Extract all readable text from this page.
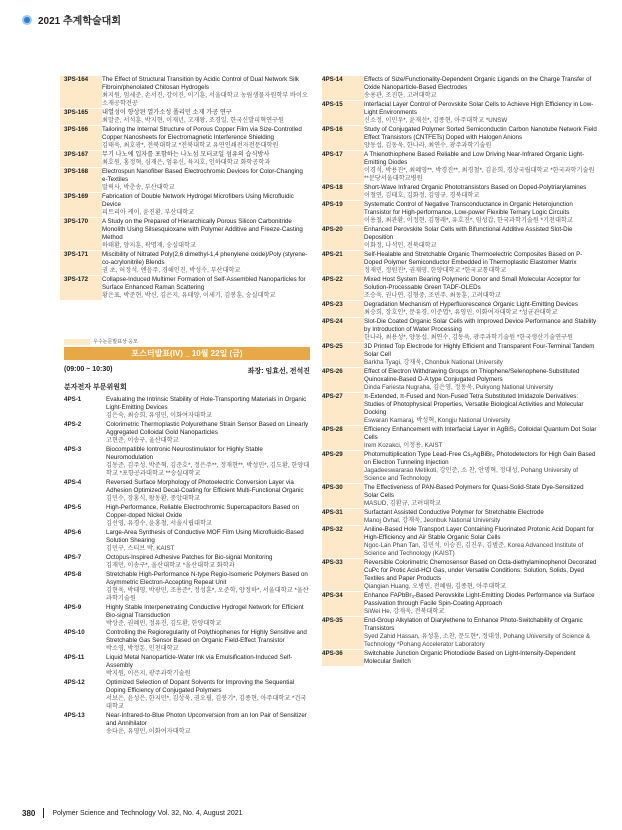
2021 추계학술대회
3PS-164	The Effect of Structural Transition by Acidic Control of Dual Network Silk Fibroin/phenolated Chitosan Hydrogels
최지원, 엄세준, 손서진, 강이진, 이기훈, 서울대학교 농림생물자원학부 바이오소재공학전공
3PS-165	내열성이 향상된 열가소성 폴리민 소재 가공 연구
최말준, 서석훈, 박지현, 이재년, 고재왕, 조경일, 한국신발피혁연구원
3PS-166	Tailoring the Internal Structure of Porous Copper Film via Size-Controlled Copper Nanosheets for Electromagnetic Interference Shielding
김태욱, 최호광*, 전북대학교 *전북대학교 유연인쇄전자전문대학원
3PS-167	무기 나노에 입자를 포함하는 나노섬 모터코일 섬유의 습식방사
최호원, 홍정혁, 심재은, 엄유신, 육지호, 인하대학교 화학공학과
3PS-168	Electrospun Nanofiber Based Electrochromic Devices for Color-Changing e-Textiles
말릭사, 박춘송, 부산대학교
3PS-169	Fabrication of Double Network Hydrogel Microfibers Using Microfluidic Device
피트리아 케이, 윤진환, 부산대학교
3PS-170	A Study on the Prepared of Hierarchically Porous Silicon Carbonitride Monolith Using Silsesquioxane with Polymer Additive and Freeze-Casting Method
하태환, 양지훈, 곽명재, 숭실대학교
3PS-171	Miscibility of Nitrated Poly(2,6 dimethyl-1,4 phenylene oxide)/Poly (styrene-co-acrylonitrile) Blends
권 초, 허정석, 엔음주, 경해인진, 박성수, 부산대학교
3PS-172	Collapse-Induced Multimer Formation of Self-Assembled Nanoparticles for Surface Enhanced Raman Scattering
황은표, 박준현, 박신, 김은지, 유태양, 이세기, 김봉훈, 숭실대학교
우수논문발표상 응모
포스터발표(IV) _ 10월 22일 (금)
(09:00 ~ 10:30)	좌장: 임효선, 전석진
분자전자 부문위원회
4PS-1	Evaluating the Intrinsic Stability of Hole-Transporting Materials in Organic Light-Emitting Devices
김은숙, 최승희, 유영민, 이화여자대학교
4PS-2	Colorimetric Thermoplastic Polyurethane Strain Sensor Based on Linearly Aggregated Colloidal Gold Nanoparticles
고현준, 이송구, 울산대학교
4PS-3	Biocompatible Iontronic Neurostimulator for Highly Stable Neuromodulation
김동준, 김주성, 박준혁, 김준호*, 정은주**, 정재현**, 박성민*, 김도환, 한양대학교 *포항공과대학교 **숭실대학교
4PS-4	Reversed Surface Morphology of Photoelectric Conversion Layer via Adhesion Optimized Decal-Coating for Efficient Multi-Functional Organic
김민수, 장홍식, 왕동환, 중앙대학교
4PS-5	High-Performance, Reliable Electrochromic Supercapacitors Based on Copper-doped Nickel Oxide
김선영, 유경수, 윤홍철, 서울시립대학교
4PS-6	Large-Area Synthesis of Conductive MOF Film Using Microfluidic-Based Solution Shearing
김민구, 스티브 박, KAIST
4PS-7	Octopus-Inspired Adhesive Patches for Bio-signal Monitoring
김재민, 이송구*, 울산대학교 *울산대학교 화학과
4PS-8	Stretchable High-Performance N-type Regio-Isomeric Polymers Based on Asymmetric Electron-Accepting Repeat Unit
김현욱, 박태영, 박광민, 조용준*, 정성훈*, 오준학, 양정하*, 서울대학교 *울산과학기술원
4PS-9	Highly Stable Interpenetrating Conductive Hydrogel Network for Efficient Bio-signal Transduction
박상준, 권혜민, 정유진, 김도환, 한양대학교
4PS-10	Controlling the Regioregularity of Polythiophenes for Highly Sensitive and Stretchable Gas Sensor Based on Organic Field-Effect Transistor
박소영, 박정돈, 인천대학교
4PS-11	Liquid Metal Nanoparticle-Water Ink via Emulsification-Induced Self-Assembly
박지원, 이은지, 광주과학기술원
4PS-12	Optimized Selection of Dopant Solvents for Improving the Sequential Doping Efficiency of Conjugated Polymers
서보은, 윤성은, 한지민*, 김상욱, 권오필, 김붕기*, 김종현, 아주대학교 *건국대학교
4PS-13	Near-Infrared-to-Blue Photon Upconversion from an Ion Pair of Sensitizer and Annihilator
송다운, 유영민, 이화여자대학교
4PS-14	Effects of Size/Functionality-Dependent Organic Ligands on the Charge Transfer of Oxide Nanoparticle-Based Electrodes
송용관, 조진한, 고려대학교
4PS-15	Interfacial Layer Control of Perovskite Solar Cells to Achieve High Efficiency in Low-Light Environments
신소정, 이민우*, 윤재선*, 김종현, 아주대학교 *UNSW
4PS-16	Study of Conjugated Polymer Sorted Semiconductin Carbon Nanotube Network Field Effect Transistors (CNTFETs) Doped with Halogen Anions
양동섭, 김동욱, 한나라, 최연수, 광주과학기술원
4PS-17	A Thienothiophene Based Reliable and Low Driving Near-Infrared Organic Light-Emitting Diodes
이경석, 박용진*, 최혜영**, 박경진**, 최경철*, 김윤희, 경상국립대학교 *한국과학기술원 **분당서울대학교병원
4PS-18	Short-Wave Infrared Organic Phototransistors Based on Doped-Polytriarylamines
이철연, 김태호, 김화정, 김영규, 경북대학교
4PS-19	Systematic Control of Negative Transconductance in Organic Heterojunction Transistor for High-performance, Low-power Flexible Ternary Logic Circuits
이용철, 최관환, 이정현, 김형래*, 유호진*, 임성갑, 한국과학기술원 *기천대학교
4PS-20	Enhanced Perovskite Solar Cells with Bifunctional Additive Assisted Slot-Die Deposition
이화정, 나석인, 전북대학교
4PS-21	Self-Healable and Stretchable Organic Thermoelectric Composites Based on P-Doped Polymer Semiconductor Embedded in Thermoplastic Elastomer Matrix
정재민, 정원진*, 권재영, 한양대학교 *한국교통대학교
4PS-22	Mixed Host System Bearing Polymeric Donor and Small Molecular Acceptor for Solution-Processable Green TADF-OLEDs
조승욱, 권나연, 김형중, 조민주, 최동훈, 고려대학교
4PS-23	Degradation Mechanism of Hyperfluorescence Organic Light-Emitting Devices
최승희, 장호인*, 문유경, 이준엽*, 유영민, 이화여자대학교 *성균관대학교
4PS-24	Slot-Die Coated Organic Solar Cells with Improved Device Performance and Stability by Introduction of Water Processing
한나라, 최용성*, 양동섭, 최연수, 김동욱, 광주과학기술원 *한국생산기술연구원
4PS-25	3D Printed Top Electrode for Highly Efficient and Transparent Four-Terminal Tandem Solar Cell
Barkha Tyagi, 강재욱, Chonbuk National University
4PS-26	Effect of Electron Withdrawing Groups on Thiophene/Selenophene-Substituted Quinoxaline-Based D-A type Conjugated Polymers
Dinda Fariesta Nugraha, 김은영, 정동욱, Pukyong National University
4PS-27	π-Extended, π-Fused and Non-Fused Tetra Substituted Imidazole Derivatives: Studies of Photophysical Properties, Versatile Biological Activities and Molecular Docking
Eswaran Kamaraj, 박성혁, Kongju National University
4PS-28	Efficiency Enhancement with Interfacial Layer in AgBiS₂ Colloidal Quantum Dot Solar Cells
Irem Kozakci, 이정용, KAIST
4PS-29	Photomultiplication Type Lead-Free Cs₂AgBiBr₆ Photodetectors for High Gain Based on Electron Tunneling Injection
Jagadeeswararao Metikoti, 강민준, 소 찬, 안명혁, 정대성, Pohang University of Science and Technology
4PS-30	The Effectiveness of PAN-Based Polymers for Quasi-Solid-State Dye-Sensitized Solar Cells
MASUD, 김환규, 고려대학교
4PS-31	Surfactant Assisted Conductive Polymer for Stretchable Electrode
Manoj Ovhal, 강재욱, Jeonbuk National University
4PS-32	Aniline-Based Hole Transport Layer Containing Fluorinated Protonic Acid Dopant for High-Efficiency and Air Stable Organic Solar Cells
Ngoc-Lan Phan Tan, 김민석, 이승진, 김진우, 김범준, Korea Advanced Institute of Science and Technology (KAIST)
4PS-33	Reversible Colorimetric Chemosensor Based on Octa-diethylaminophenol Decorated CuPc for Protic Acid-HCl Gas, under Versatile Conditions: Solution, Solids, Dyed Textiles and Paper Products
Qiangian Huang, 오병민, 전혜림, 김종현, 아주대학교
4PS-34	Enhance FAPbBr₃-Based Perovskite Light-Emitting Diodes Performance via Surface Passivation through Facile Spin-Coating Approach
SiWei He, 강재욱, 전북대학교
4PS-35	End-Group Alkylation of Diarylethene to Enhance Photo-Switchability of Organic Transistors
Syed Zahid Hassan, 유성훈, 소찬, 문도현*, 정대성, Pohang University of Science & Technology *Pohang Accelerator Laboratory
4PS-36	Switchable Junction Organic Photodiode Based on Light-Intensity-Dependent Molecular Switch
380 Polymer Science and Technology Vol. 32, No. 4, August 2021
